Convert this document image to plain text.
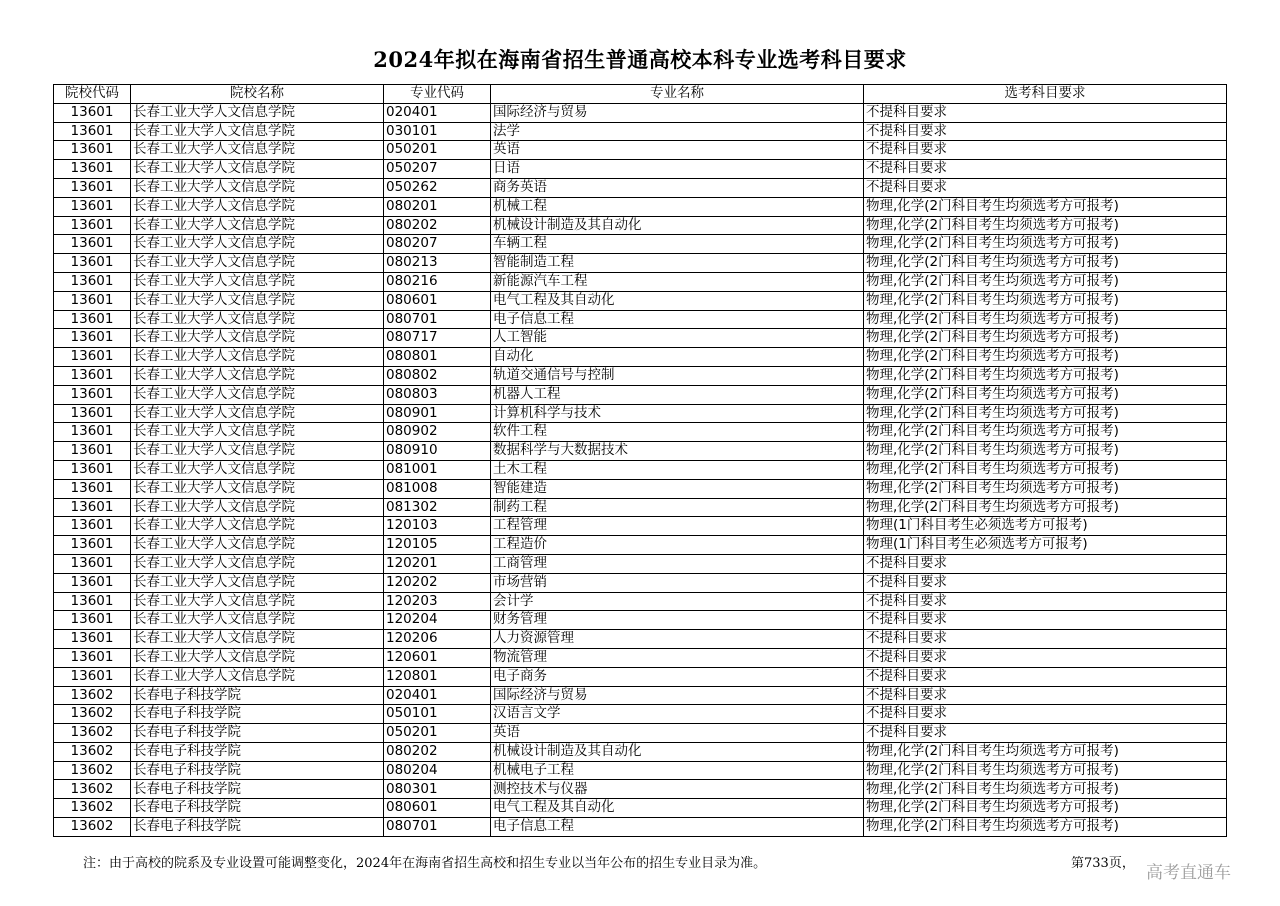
2024年拟在海南省招生普通高校本科专业选考科目要求
院校代码	院校名称	专业代码	专业名称	选考科目要求
13601	长春工业大学人文信息学院	020401	国际经济与贸易	不提科目要求
13601	长春工业大学人文信息学院	030101	法学	不提科目要求
13601	长春工业大学人文信息学院	050201	英语	不提科目要求
13601	长春工业大学人文信息学院	050207	日语	不提科目要求
13601	长春工业大学人文信息学院	050262	商务英语	不提科目要求
13601	长春工业大学人文信息学院	080201	机械工程	物理,化学(2门科目考生均须选考方可报考)
13601	长春工业大学人文信息学院	080202	机械设计制造及其自动化	物理,化学(2门科目考生均须选考方可报考)
13601	长春工业大学人文信息学院	080207	车辆工程	物理,化学(2门科目考生均须选考方可报考)
13601	长春工业大学人文信息学院	080213	智能制造工程	物理,化学(2门科目考生均须选考方可报考)
13601	长春工业大学人文信息学院	080216	新能源汽车工程	物理,化学(2门科目考生均须选考方可报考)
13601	长春工业大学人文信息学院	080601	电气工程及其自动化	物理,化学(2门科目考生均须选考方可报考)
13601	长春工业大学人文信息学院	080701	电子信息工程	物理,化学(2门科目考生均须选考方可报考)
13601	长春工业大学人文信息学院	080717	人工智能	物理,化学(2门科目考生均须选考方可报考)
13601	长春工业大学人文信息学院	080801	自动化	物理,化学(2门科目考生均须选考方可报考)
13601	长春工业大学人文信息学院	080802	轨道交通信号与控制	物理,化学(2门科目考生均须选考方可报考)
13601	长春工业大学人文信息学院	080803	机器人工程	物理,化学(2门科目考生均须选考方可报考)
13601	长春工业大学人文信息学院	080901	计算机科学与技术	物理,化学(2门科目考生均须选考方可报考)
13601	长春工业大学人文信息学院	080902	软件工程	物理,化学(2门科目考生均须选考方可报考)
13601	长春工业大学人文信息学院	080910	数据科学与大数据技术	物理,化学(2门科目考生均须选考方可报考)
13601	长春工业大学人文信息学院	081001	土木工程	物理,化学(2门科目考生均须选考方可报考)
13601	长春工业大学人文信息学院	081008	智能建造	物理,化学(2门科目考生均须选考方可报考)
13601	长春工业大学人文信息学院	081302	制药工程	物理,化学(2门科目考生均须选考方可报考)
13601	长春工业大学人文信息学院	120103	工程管理	物理(1门科目考生必须选考方可报考)
13601	长春工业大学人文信息学院	120105	工程造价	物理(1门科目考生必须选考方可报考)
13601	长春工业大学人文信息学院	120201	工商管理	不提科目要求
13601	长春工业大学人文信息学院	120202	市场营销	不提科目要求
13601	长春工业大学人文信息学院	120203	会计学	不提科目要求
13601	长春工业大学人文信息学院	120204	财务管理	不提科目要求
13601	长春工业大学人文信息学院	120206	人力资源管理	不提科目要求
13601	长春工业大学人文信息学院	120601	物流管理	不提科目要求
13601	长春工业大学人文信息学院	120801	电子商务	不提科目要求
13602	长春电子科技学院	020401	国际经济与贸易	不提科目要求
13602	长春电子科技学院	050101	汉语言文学	不提科目要求
13602	长春电子科技学院	050201	英语	不提科目要求
13602	长春电子科技学院	080202	机械设计制造及其自动化	物理,化学(2门科目考生均须选考方可报考)
13602	长春电子科技学院	080204	机械电子工程	物理,化学(2门科目考生均须选考方可报考)
13602	长春电子科技学院	080301	测控技术与仪器	物理,化学(2门科目考生均须选考方可报考)
13602	长春电子科技学院	080601	电气工程及其自动化	物理,化学(2门科目考生均须选考方可报考)
13602	长春电子科技学院	080701	电子信息工程	物理,化学(2门科目考生均须选考方可报考)
注：由于高校的院系及专业设置可能调整变化，2024年在海南省招生高校和招生专业以当年公布的招生专业目录为准。	第733页， 高考直通车
